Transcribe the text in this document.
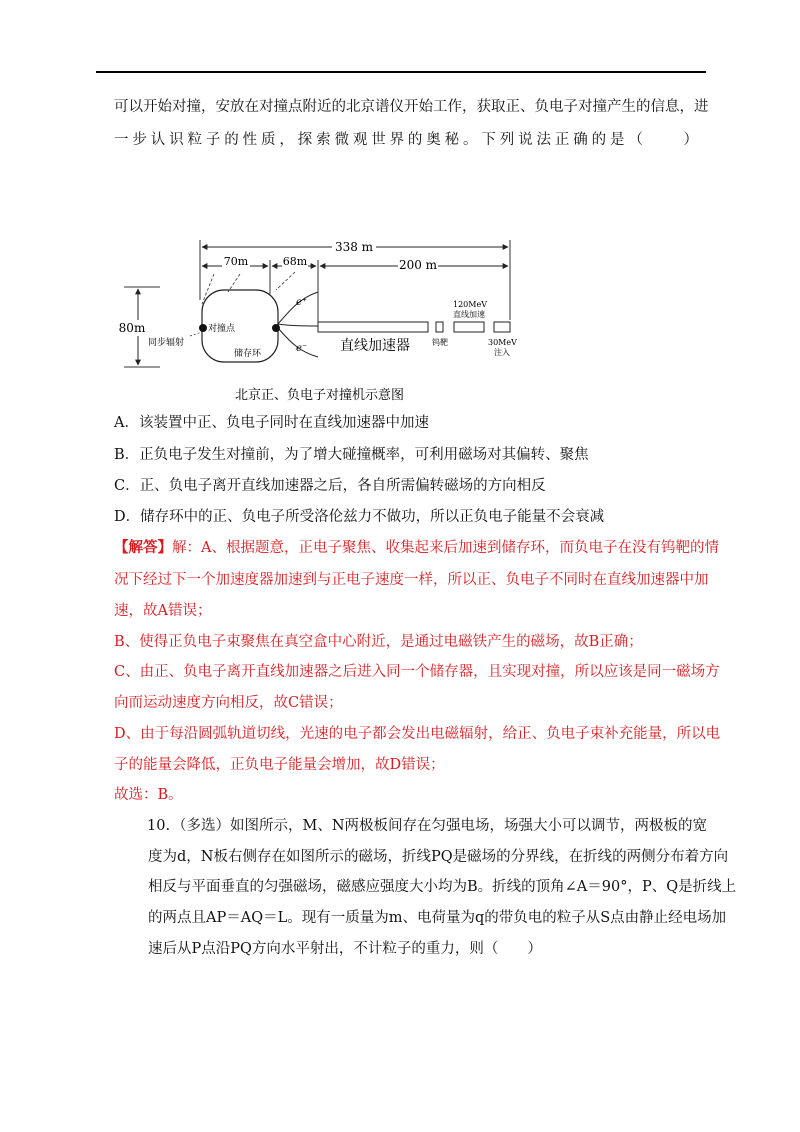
可以开始对撞，安放在对撞点附近的北京谱仪开始工作，获取正、负电子对撞产生的信息，进
一步认识粒子的性质，探索微观世界的奥秘。下列说法正确的是（　　）
338 m
70m	68m	200 m
80m	对撞点
同步辐射
储存环
e⁺
e⁻ 直线加速器	钨靶
120MeV
直线加速
30MeV
注入
北京正、负电子对撞机示意图
A．该装置中正、负电子同时在直线加速器中加速
B．正负电子发生对撞前，为了增大碰撞概率，可利用磁场对其偏转、聚焦
C．正、负电子离开直线加速器之后，各自所需偏转磁场的方向相反
D．储存环中的正、负电子所受洛伦兹力不做功，所以正负电子能量不会衰减
【解答】解：A、根据题意，正电子聚焦、收集起来后加速到储存环，而负电子在没有钨靶的情
况下经过下一个加速度器加速到与正电子速度一样，所以正、负电子不同时在直线加速器中加
速，故A错误；
B、使得正负电子束聚焦在真空盒中心附近，是通过电磁铁产生的磁场，故B正确；
C、由正、负电子离开直线加速器之后进入同一个储存器，且实现对撞，所以应该是同一磁场方
向而运动速度方向相反，故C错误；
D、由于每沿圆弧轨道切线，光速的电子都会发出电磁辐射，给正、负电子束补充能量，所以电
子的能量会降低，正负电子能量会增加，故D错误；
故选：B。
10. （多选）如图所示，M、N两极板间存在匀强电场，场强大小可以调节，两极板的宽
度为d，N板右侧存在如图所示的磁场，折线PQ是磁场的分界线，在折线的两侧分布着方向
相反与平面垂直的匀强磁场，磁感应强度大小均为B。折线的顶角∠A＝90°，P、Q是折线上
的两点且AP＝AQ＝L。现有一质量为m、电荷量为q的带负电的粒子从S点由静止经电场加
速后从P点沿PQ方向水平射出，不计粒子的重力，则（　　）
